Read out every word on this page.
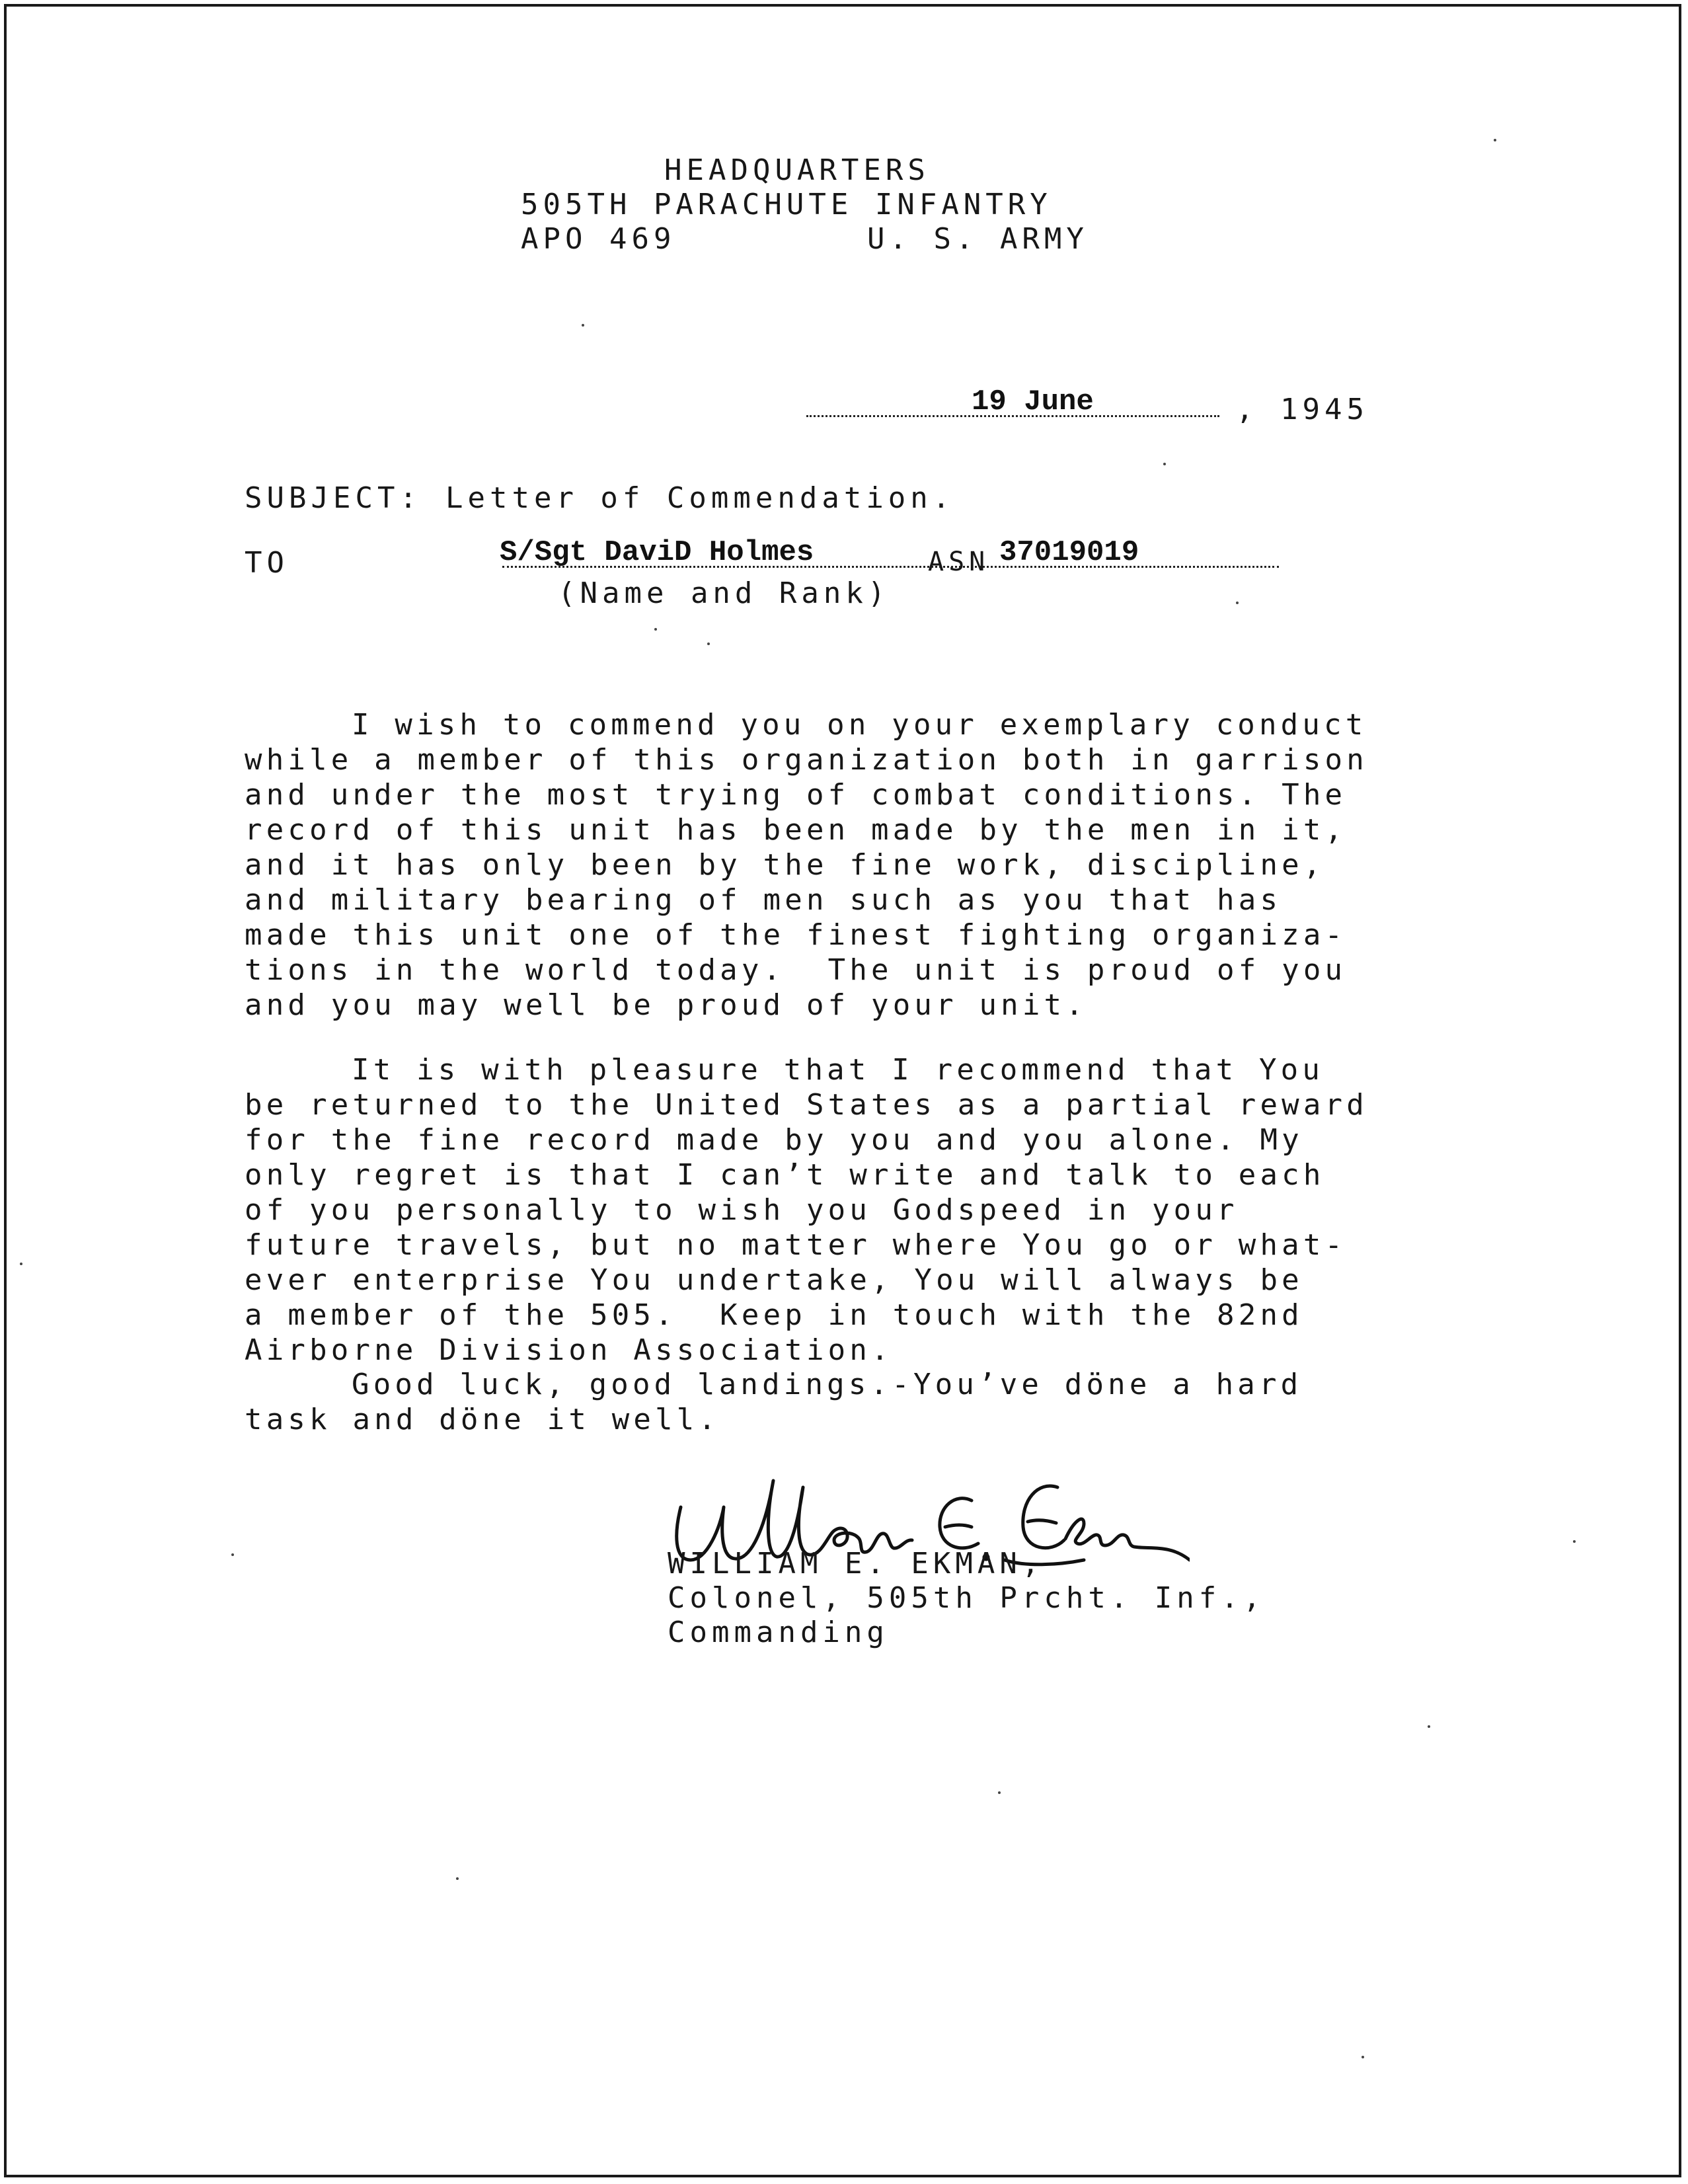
HEADQUARTERS
505TH PARACHUTE INFANTRY
APO 469	U. S. ARMY
19 June	, 1945
SUBJECT: Letter of Commendation.
TO	S/Sgt DaviD Holmes	ASN 37019019
(Name and Rank)
I wish to commend you on your exemplary conduct
while a member of this organization both in garrison
and under the most trying of combat conditions. The
record of this unit has been made by the men in it,
and it has only been by the fine work, discipline,
and military bearing of men such as you that has
made this unit one of the finest fighting organiza-
tions in the world today.  The unit is proud of you
and you may well be proud of your unit.
It is with pleasure that I recommend that You
be returned to the United States as a partial reward
for the fine record made by you and you alone. My
only regret is that I can’t write and talk to each
of you personally to wish you Godspeed in your
future travels, but no matter where You go or what-
ever enterprise You undertake, You will always be
a member of the 505.  Keep in touch with the 82nd
Airborne Division Association.
Good luck, good landings.-You’ve döne a hard
task and döne it well.
WILLIAM E. EKMAN,
Colonel, 505th Prcht. Inf.,
Commanding
